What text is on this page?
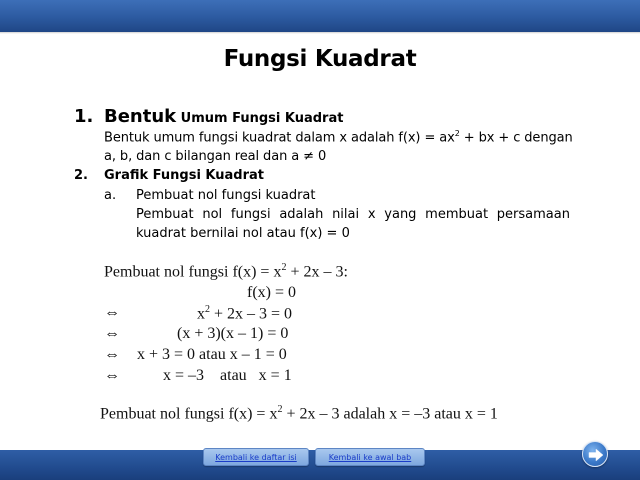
Fungsi Kuadrat
1. Bentuk Umum Fungsi Kuadrat
Bentuk umum fungsi kuadrat dalam x adalah $f(x) = ax^2$ + bx + c dengan
a, b, dan c bilangan real dan a ≠ 0
2. Grafik Fungsi Kuadrat
a. Pembuat nol fungsi kuadrat
Pembuat nol fungsi adalah nilai x yang membuat persamaan
kuadrat bernilai nol atau f(x) = 0
Pembuat nol fungsi $f(x) = x^2 + 2x - 3$:
f(x) = 0
⇔	$x^2 + 2x - 3 = 0$
⇔	(x + 3)(x – 1) = 0
⇔ x + 3 = 0 atau x – 1 = 0
⇔	x = –3    atau   x = 1
Pembuat nol fungsi $f(x) = x^2 + 2x - 3$ adalah x = –3 atau x = 1
Kembali ke daftar isi	Kembali ke awal bab
